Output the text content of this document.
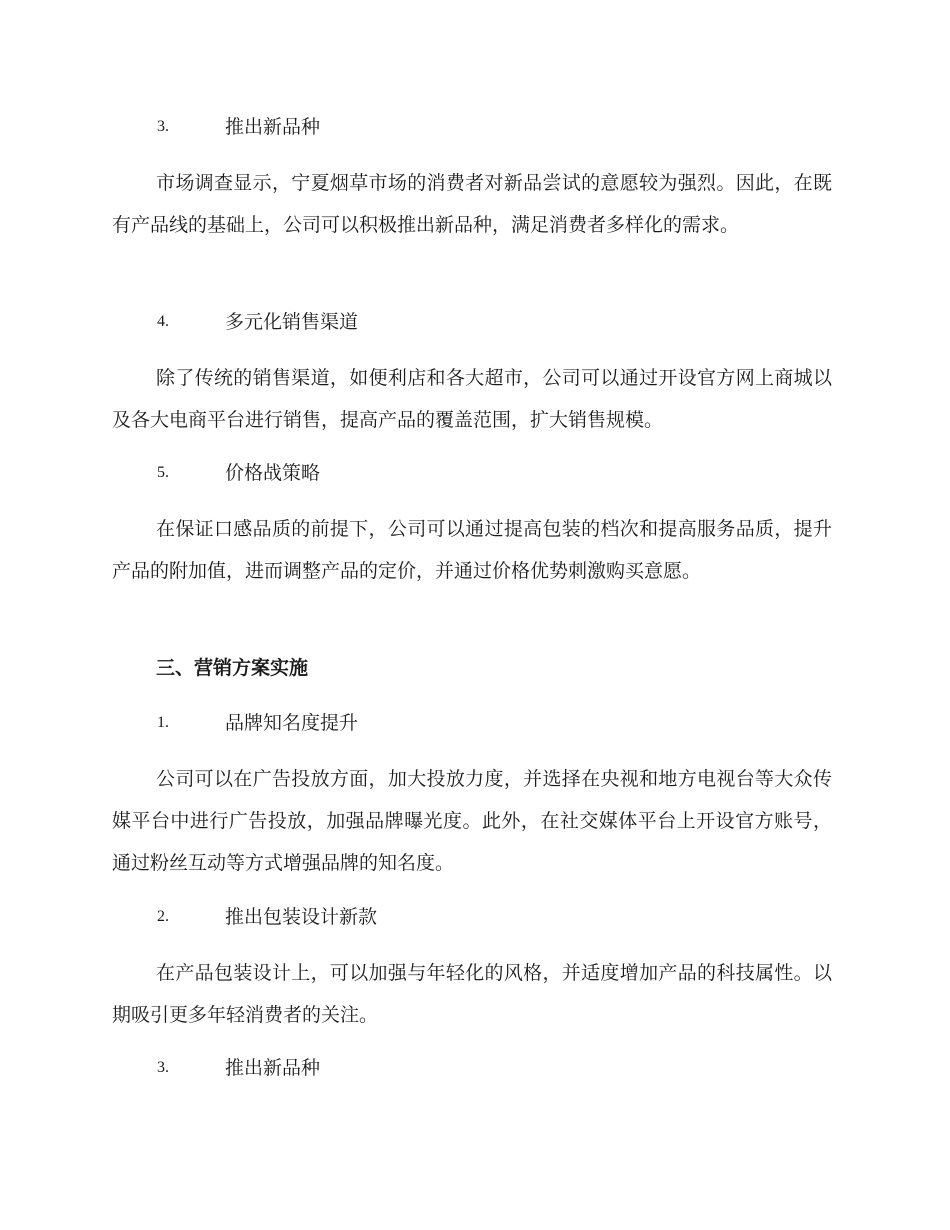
3.	推出新品种

市场调查显示，宁夏烟草市场的消费者对新品尝试的意愿较为强烈。因此，在既有产品线的基础上，公司可以积极推出新品种，满足消费者多样化的需求。

4.	多元化销售渠道

除了传统的销售渠道，如便利店和各大超市，公司可以通过开设官方网上商城以及各大电商平台进行销售，提高产品的覆盖范围，扩大销售规模。

5.	价格战策略

在保证口感品质的前提下，公司可以通过提高包装的档次和提高服务品质，提升产品的附加值，进而调整产品的定价，并通过价格优势刺激购买意愿。

三、营销方案实施
1.	品牌知名度提升

公司可以在广告投放方面，加大投放力度，并选择在央视和地方电视台等大众传媒平台中进行广告投放，加强品牌曝光度。此外，在社交媒体平台上开设官方账号，通过粉丝互动等方式增强品牌的知名度。

2.	推出包装设计新款

在产品包装设计上，可以加强与年轻化的风格，并适度增加产品的科技属性。以期吸引更多年轻消费者的关注。

3.	推出新品种
